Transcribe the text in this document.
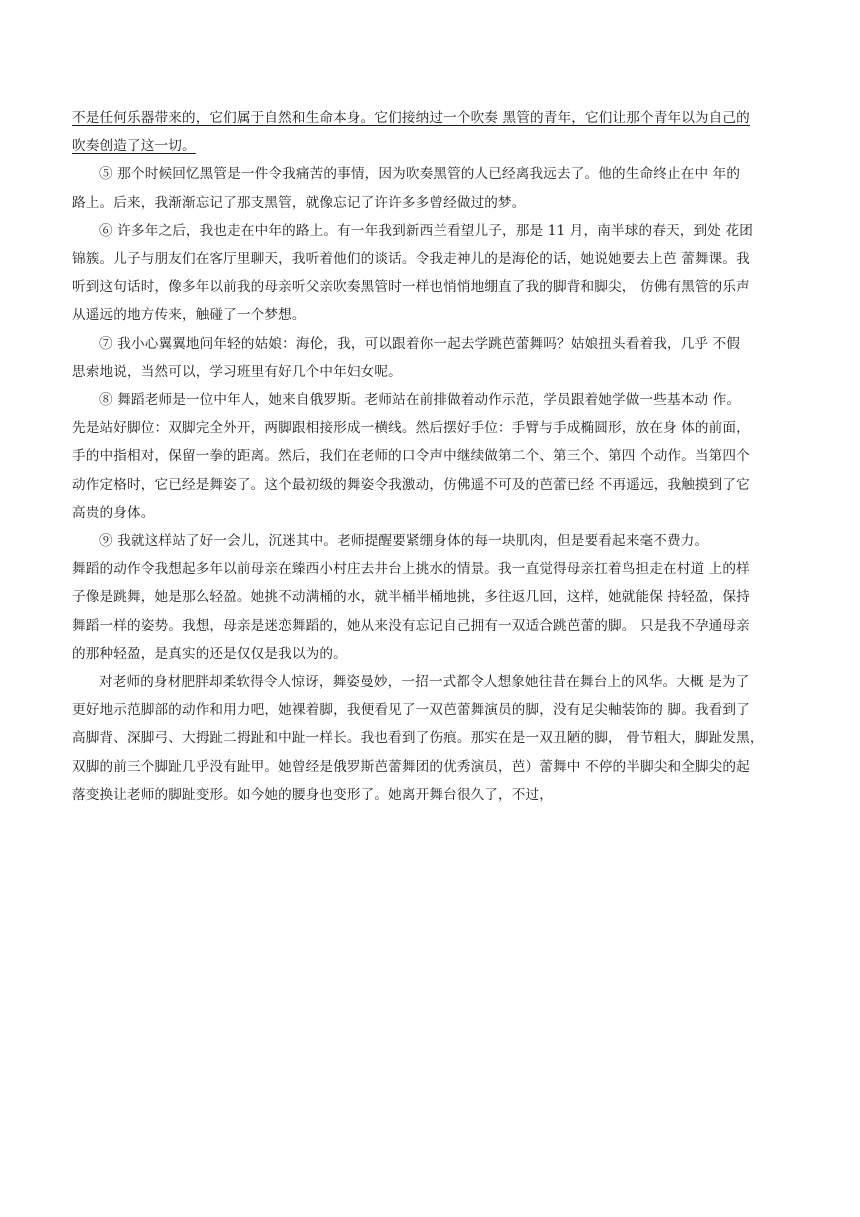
不是任何乐器带来的，它们属于自然和生命本身。它们接纳过一个吹奏 黑管的青年，它们让那个青年以为自己的

吹奏创造了这一切。

⑤ 那个时候回忆黑管是一件令我痛苦的事情，因为吹奏黑管的人已经离我远去了。他的生命终止在中 年的

路上。后来，我渐渐忘记了那支黑管，就像忘记了许许多多曾经做过的梦。

⑥ 许多年之后，我也走在中年的路上。有一年我到新西兰看望儿子，那是 11 月，南半球的春天，到处 花团

锦簇。儿子与朋友们在客厅里聊天，我听着他们的谈话。令我走神儿的是海伦的话，她说她要去上芭 蕾舞课。我

听到这句话时，像多年以前我的母亲听父亲吹奏黑管时一样也悄悄地绷直了我的脚背和脚尖， 仿佛有黑管的乐声

从遥远的地方传来，触碰了一个梦想。

⑦ 我小心翼翼地问年轻的姑娘：海伦，我，可以跟着你一起去学跳芭蕾舞吗？姑娘扭头看着我，几乎 不假

思索地说，当然可以，学习班里有好几个中年妇女呢。

⑧ 舞蹈老师是一位中年人，她来自俄罗斯。老师站在前排做着动作示范，学员跟着她学做一些基本动 作。

先是站好脚位：双脚完全外开，两脚跟相接形成一横线。然后摆好手位：手臂与手成椭圆形，放在身 体的前面，

手的中指相对，保留一拳的距离。然后，我们在老师的口令声中继续做第二个、第三个、第四 个动作。当第四个

动作定格时，它已经是舞姿了。这个最初级的舞姿令我激动，仿佛遥不可及的芭蕾已经 不再遥远，我触摸到了它

高贵的身体。

⑨ 我就这样站了好一会儿，沉迷其中。老师提醒要紧绷身体的每一块肌肉，但是要看起来毫不费力。

舞蹈的动作令我想起多年以前母亲在臻西小村庄去井台上挑水的情景。我一直觉得母亲扛着鸟担走在村道 上的样

子像是跳舞，她是那么轻盈。她挑不动满桶的水，就半桶半桶地挑，多往返几回，这样，她就能保 持轻盈，保持

舞蹈一样的姿势。我想，母亲是迷恋舞蹈的，她从来没有忘记自己拥有一双适合跳芭蕾的脚。 只是我不孕通母亲

的那种轻盈，是真实的还是仅仅是我以为的。

对老师的身材肥胖却柔软得令人惊讶，舞姿曼妙，一招一式都令人想象她往昔在舞台上的风华。大概 是为了

更好地示范脚部的动作和用力吧，她裸着脚，我便看见了一双芭蕾舞演员的脚，没有足尖軸装饰的 脚。我看到了

高脚背、深脚弓、大拇趾二拇趾和中趾一样长。我也看到了伤痕。那实在是一双丑陋的脚， 骨节粗大，脚趾发黑，

双脚的前三个脚趾几乎没有趾甲。她曾经是俄罗斯芭蕾舞团的优秀演员，芭）蕾舞中 不停的半脚尖和全脚尖的起

落变换让老师的脚趾变形。如今她的腰身也变形了。她离开舞台很久了，不过，
